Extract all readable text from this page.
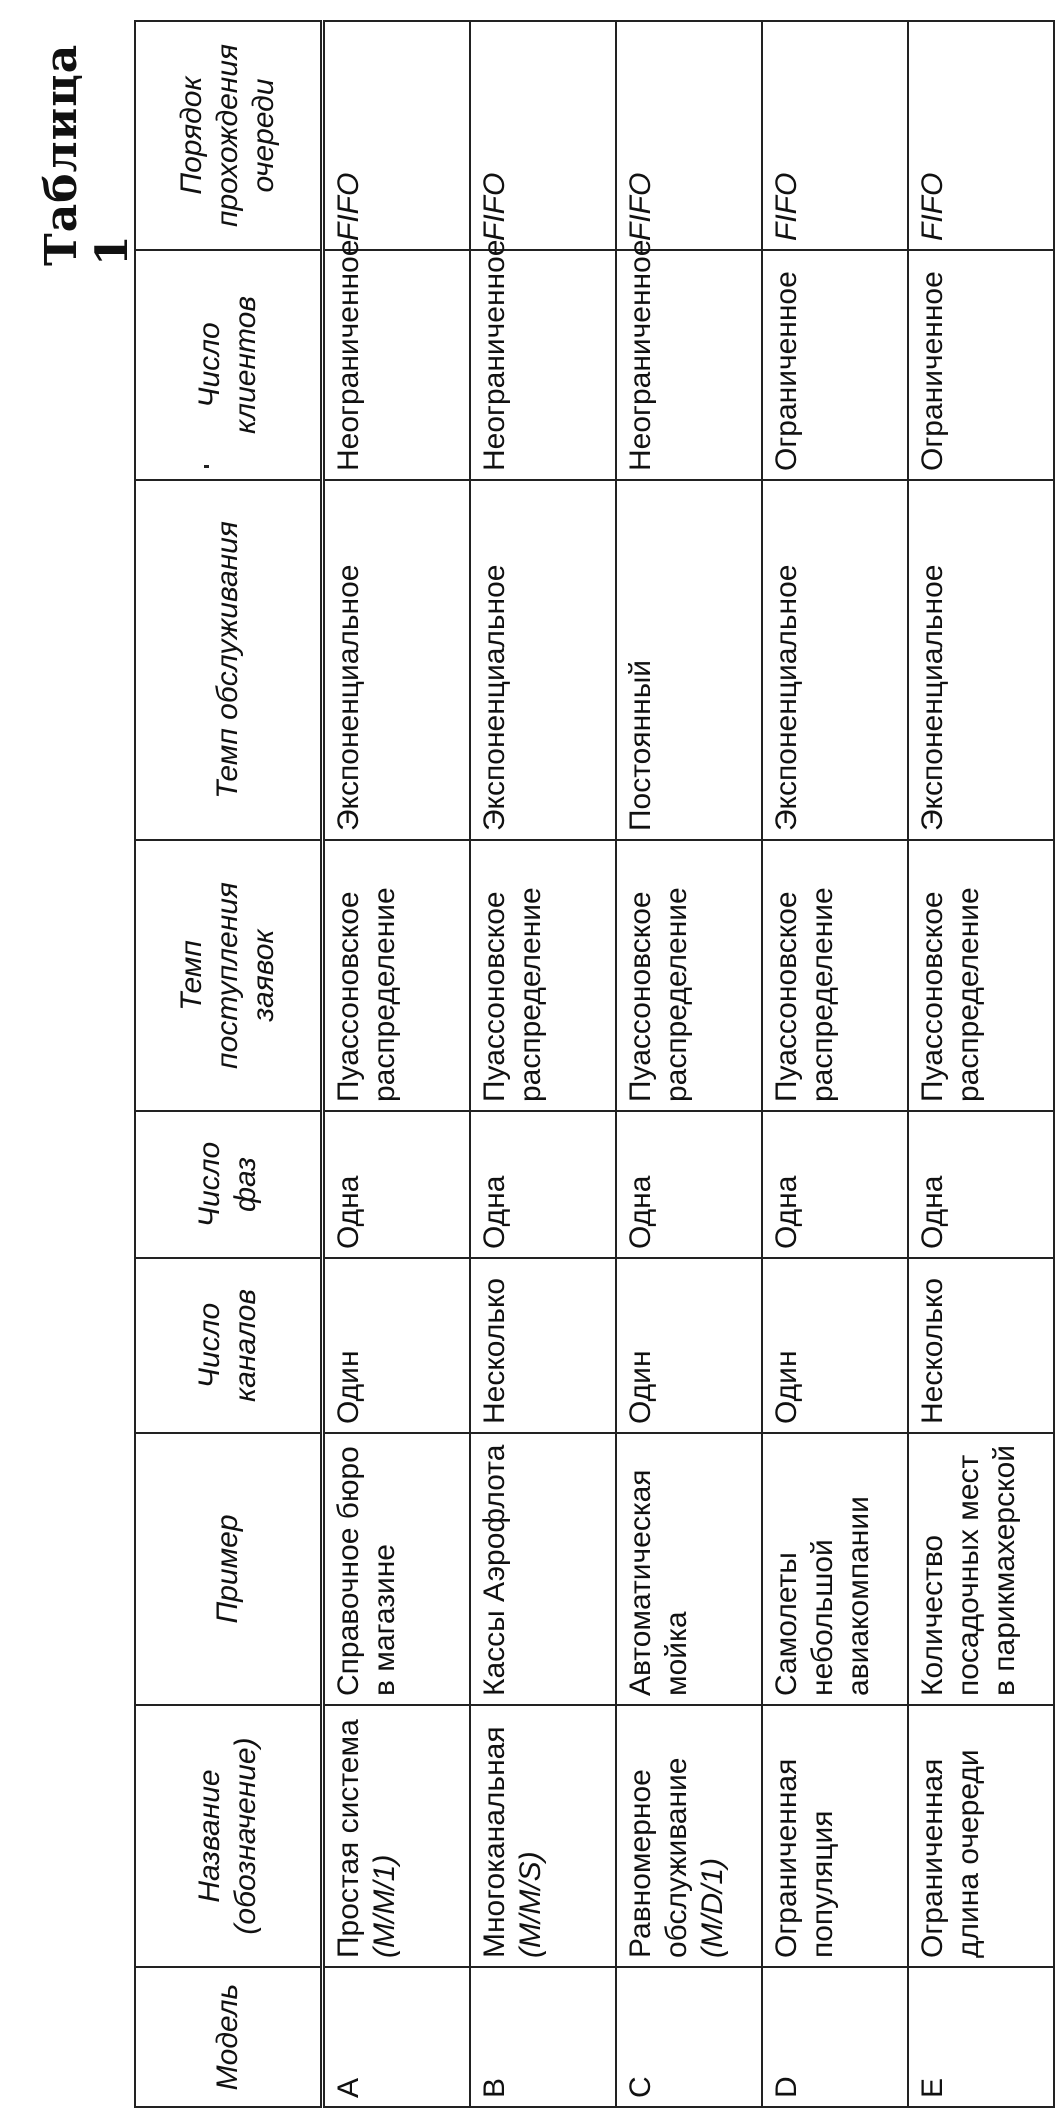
Таблица 1
Модель	Название (обозначение)	Пример	Число каналов	Число фаз	Темп поступления заявок	Темп обслуживания	Число клиентов	Порядок прохождения очереди
A	Простая система (M/M/1)	Справочное бюро в магазине	Один	Одна	Пуассоновское распределение	Экспоненциальное	Неограниченное	FIFO
B	Многоканальная (M/M/S)	Кассы Аэрофлота	Несколько	Одна	Пуассоновское распределение	Экспоненциальное	Неограниченное	FIFO
C	Равномерное обслуживание (M/D/1)	Автоматическая мойка	Один	Одна	Пуассоновское распределение	Постоянный	Неограниченное	FIFO
D	Ограниченная популяция	Самолеты небольшой авиакомпании	Один	Одна	Пуассоновское распределение	Экспоненциальное	Ограниченное	FIFO
E	Ограниченная длина очереди	Количество посадочных мест в парикмахерской	Несколько	Одна	Пуассоновское распределение	Экспоненциальное	Ограниченное	FIFO
